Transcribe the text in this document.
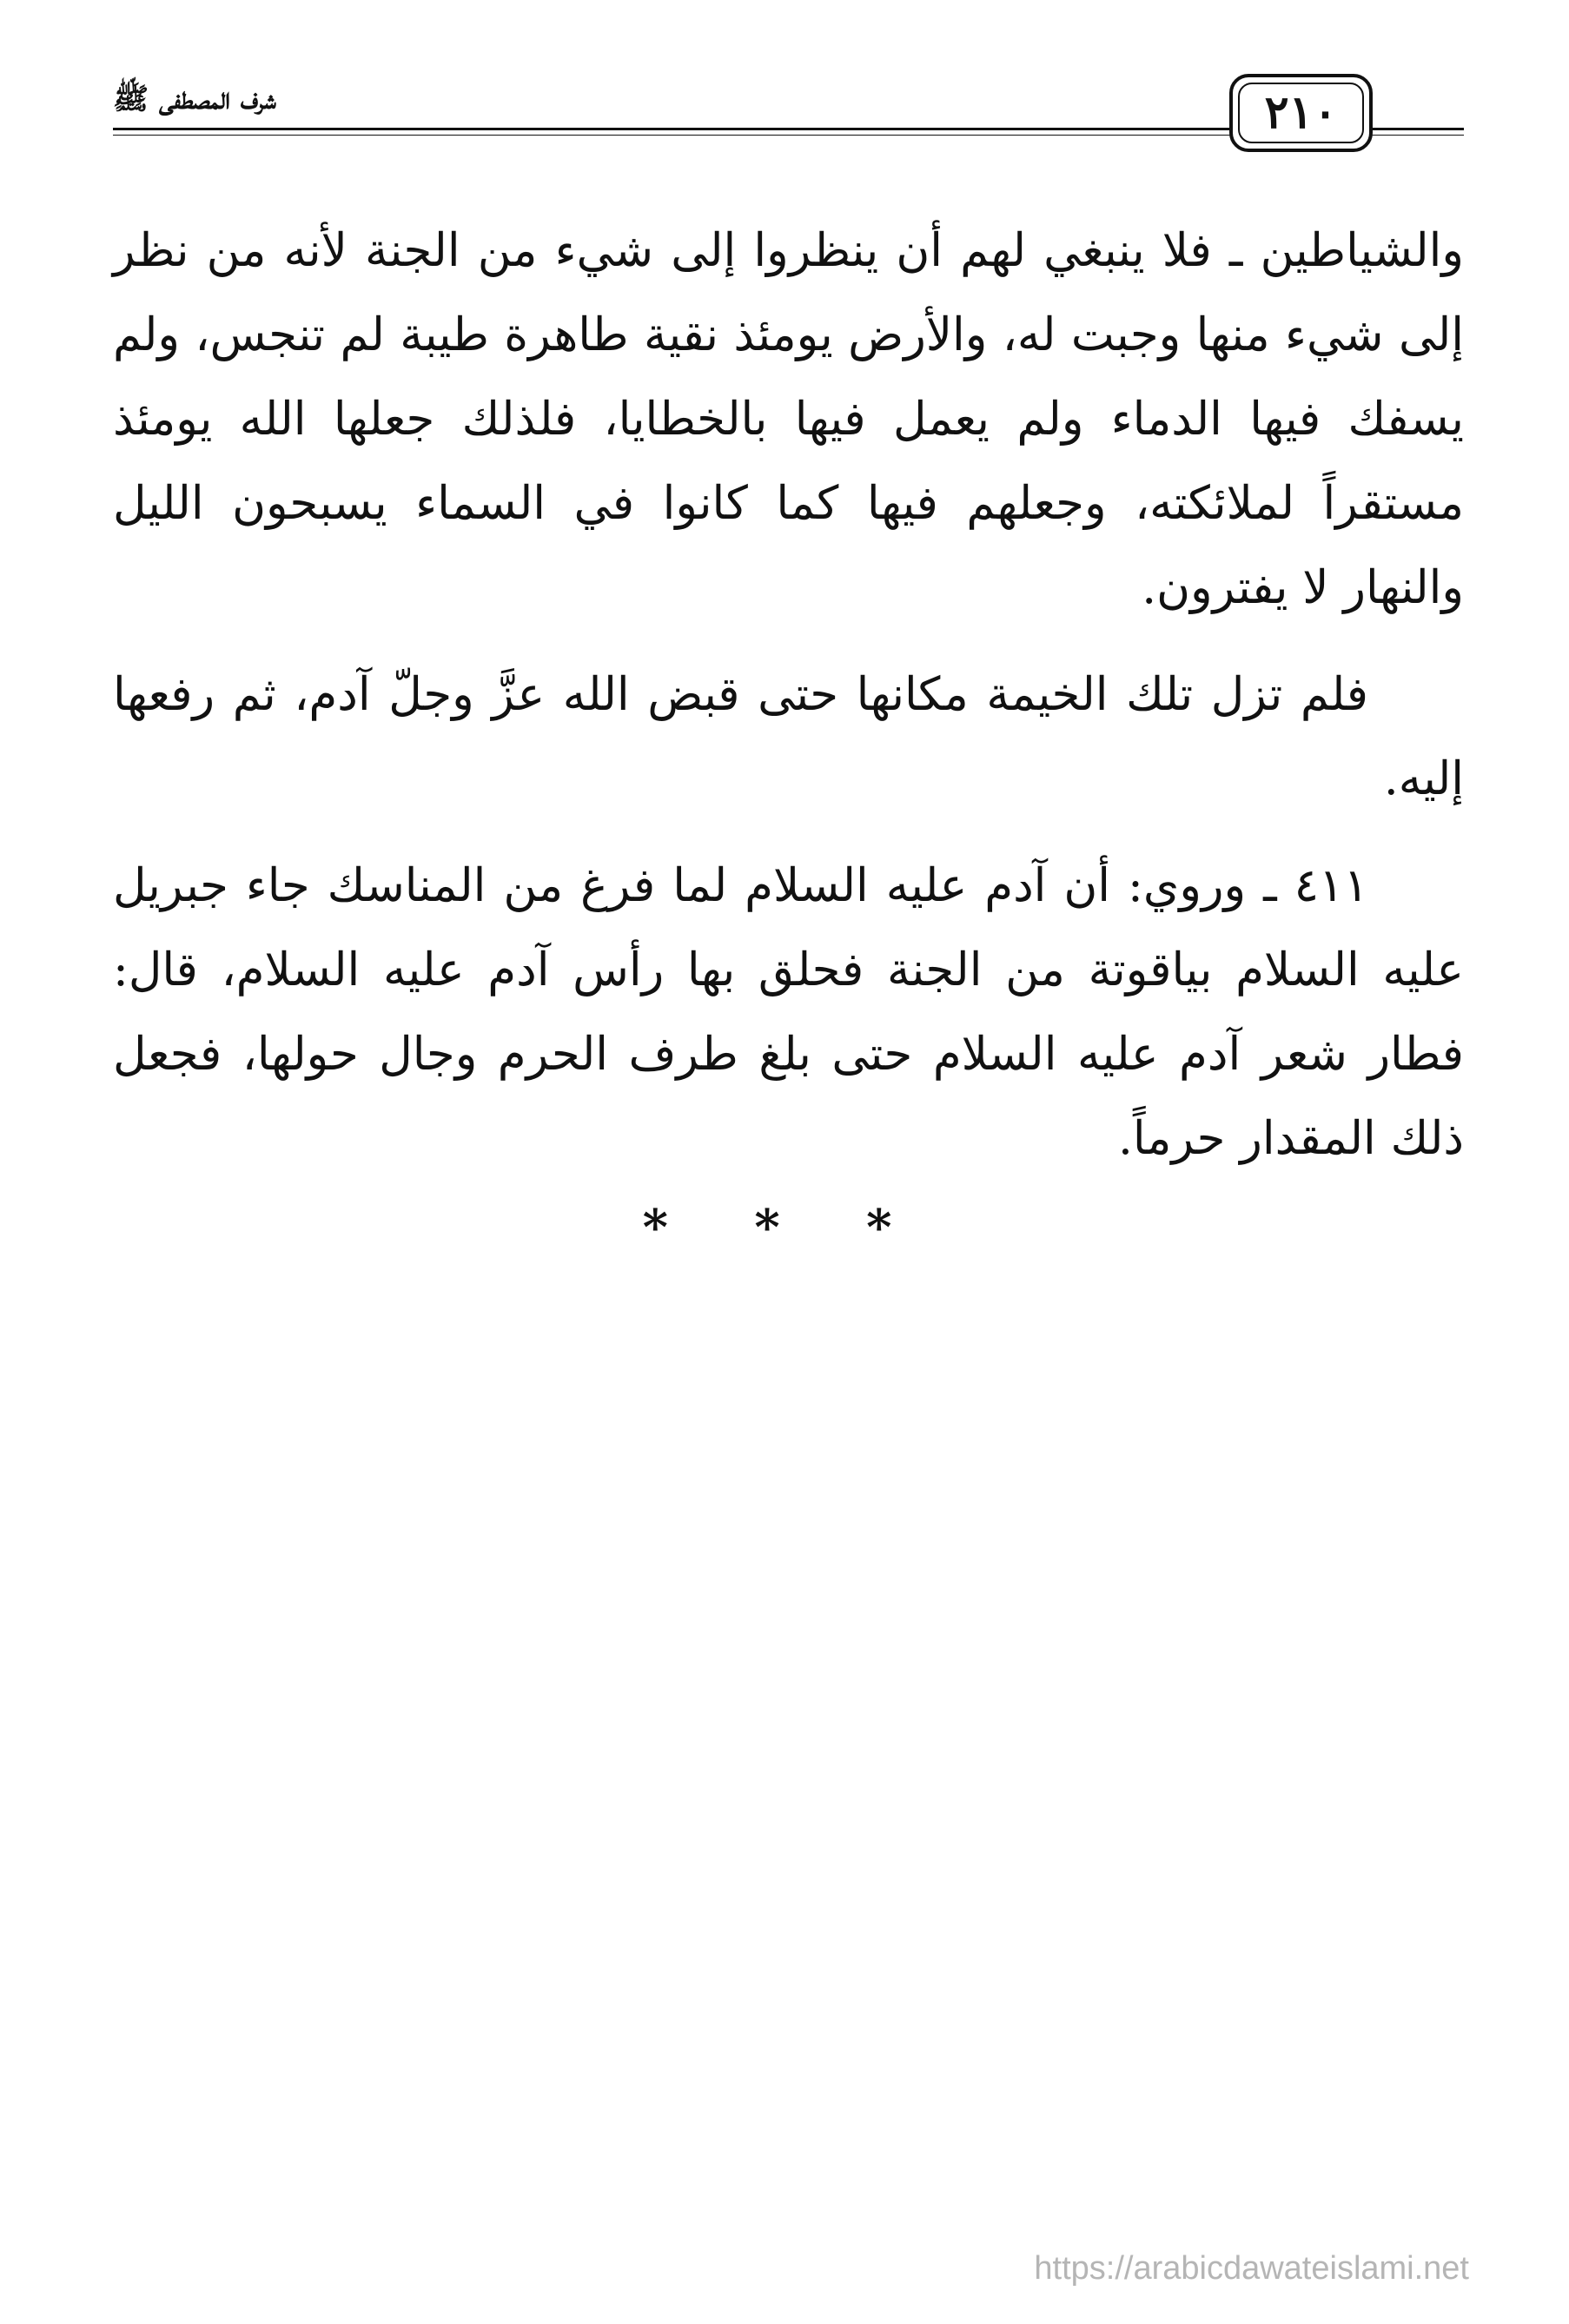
شرف المصطفى ﷺ	٢١٠

والشياطين ـ فلا ينبغي لهم أن ينظروا إلى شيء من الجنة لأنه من نظر إلى شيء منها وجبت له، والأرض يومئذ نقية طاهرة طيبة لم تنجس، ولم يسفك فيها الدماء ولم يعمل فيها بالخطايا، فلذلك جعلها الله يومئذ مستقراً لملائكته، وجعلهم فيها كما كانوا في السماء يسبحون الليل والنهار لا يفترون.

فلم تزل تلك الخيمة مكانها حتى قبض الله عزَّ وجلّ آدم، ثم رفعها إليه.

٤١١ ـ وروي: أن آدم عليه السلام لما فرغ من المناسك جاء جبريل عليه السلام بياقوتة من الجنة فحلق بها رأس آدم عليه السلام، قال: فطار شعر آدم عليه السلام حتى بلغ طرف الحرم وجال حولها، فجعل ذلك المقدار حرماً.

* * *
https://arabicdawateislami.net
